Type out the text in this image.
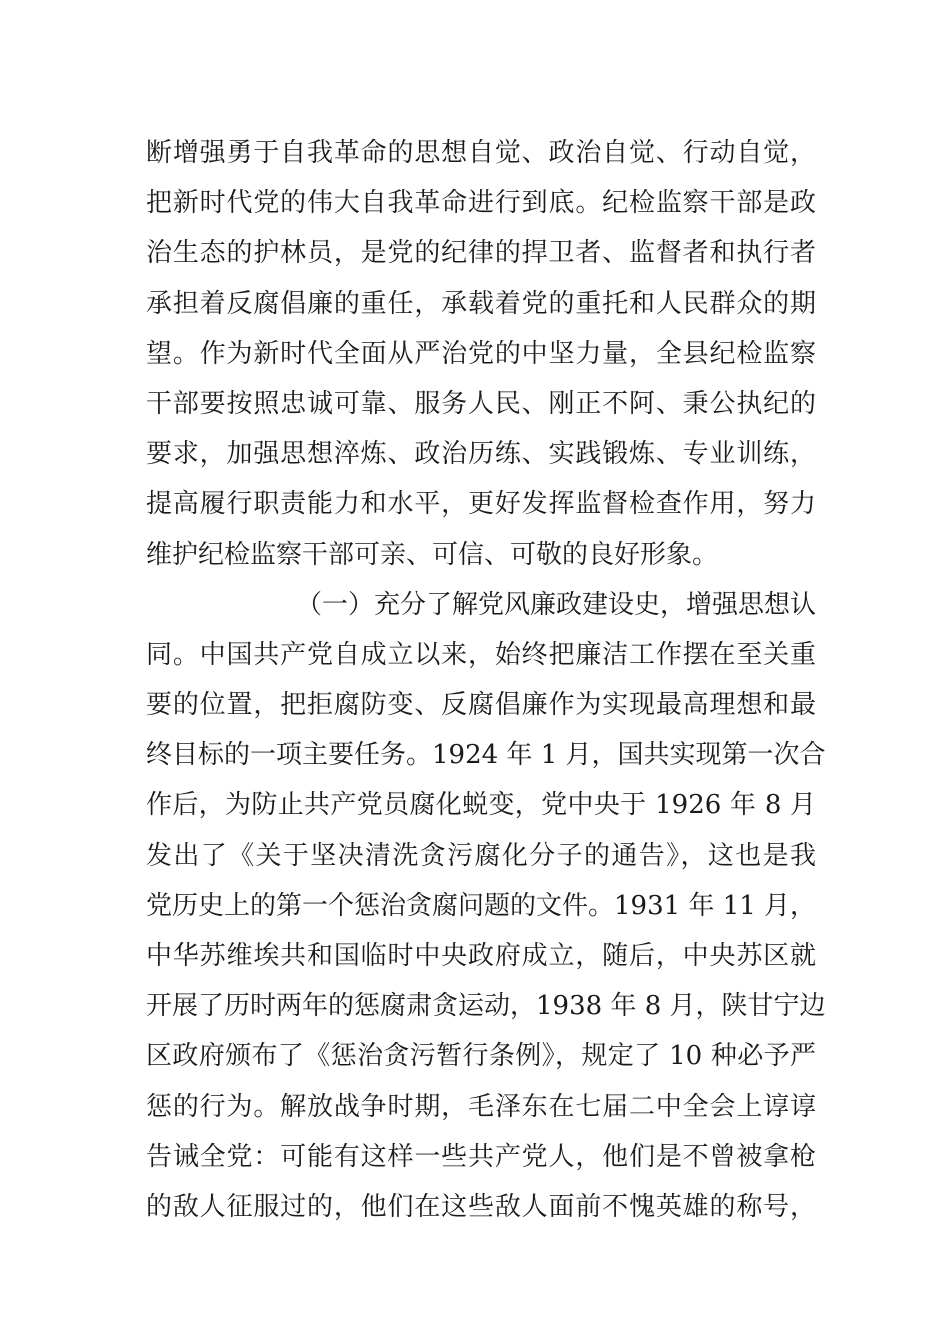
断增强勇于自我革命的思想自觉、政治自觉、行动自觉，
把新时代党的伟大自我革命进行到底。纪检监察干部是政
治生态的护林员，是党的纪律的捍卫者、监督者和执行者
承担着反腐倡廉的重任，承载着党的重托和人民群众的期
望。作为新时代全面从严治党的中坚力量，全县纪检监察
干部要按照忠诚可靠、服务人民、刚正不阿、秉公执纪的
要求，加强思想淬炼、政治历练、实践锻炼、专业训练，
提高履行职责能力和水平，更好发挥监督检查作用，努力
维护纪检监察干部可亲、可信、可敬的良好形象。
（一）充分了解党风廉政建设史，增强思想认
同。中国共产党自成立以来，始终把廉洁工作摆在至关重
要的位置，把拒腐防变、反腐倡廉作为实现最高理想和最
终目标的一项主要任务。1924 年 1 月，国共实现第一次合
作后，为防止共产党员腐化蜕变，党中央于 1926 年 8 月
发出了《关于坚决清洗贪污腐化分子的通告》，这也是我
党历史上的第一个惩治贪腐问题的文件。1931 年 11 月，
中华苏维埃共和国临时中央政府成立，随后，中央苏区就
开展了历时两年的惩腐肃贪运动，1938 年 8 月，陕甘宁边
区政府颁布了《惩治贪污暂行条例》，规定了 10 种必予严
惩的行为。解放战争时期，毛泽东在七届二中全会上谆谆
告诫全党：可能有这样一些共产党人，他们是不曾被拿枪
的敌人征服过的，他们在这些敌人面前不愧英雄的称号，
